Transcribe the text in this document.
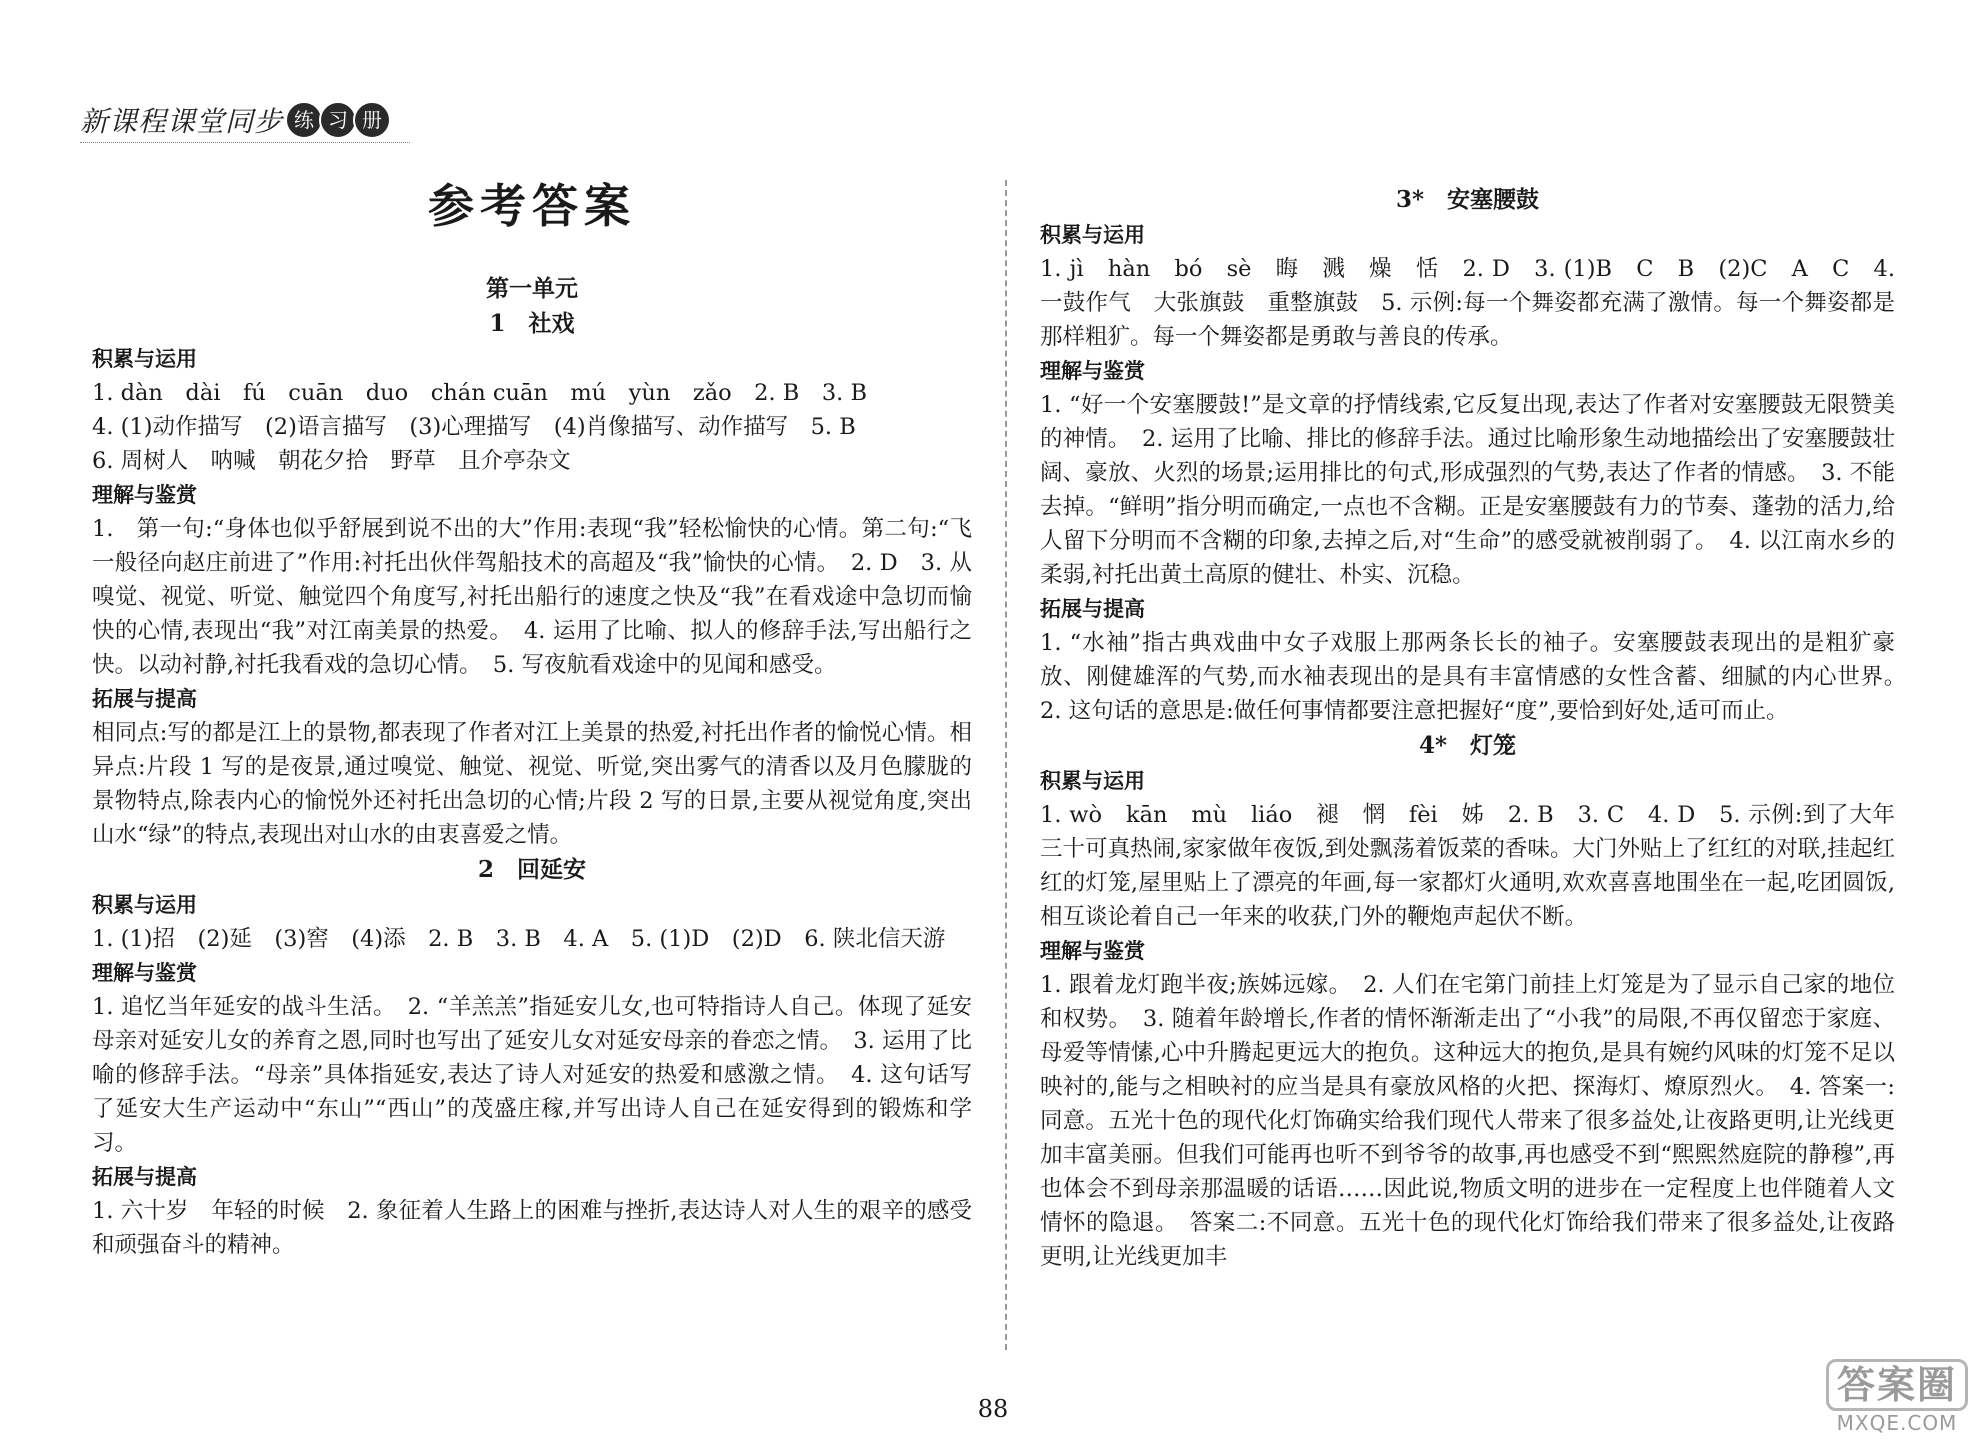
新课程课堂同步 练 习 册
参考答案
第一单元
1　社戏
积累与运用

1. dàn　dài　fú　cuān　duo　chán cuān　mú　yùn　zǎo　2. B　3. B

4. (1)动作描写　(2)语言描写　(3)心理描写　(4)肖像描写、动作描写　5. B

6. 周树人　呐喊　朝花夕拾　野草　且介亭杂文

理解与鉴赏

1.　第一句:“身体也似乎舒展到说不出的大”作用:表现“我”轻松愉快的心情。第二句:“飞一般径向赵庄前进了”作用:衬托出伙伴驾船技术的高超及“我”愉快的心情。　2. D　3. 从嗅觉、视觉、听觉、触觉四个角度写,衬托出船行的速度之快及“我”在看戏途中急切而愉快的心情,表现出“我”对江南美景的热爱。　4. 运用了比喻、拟人的修辞手法,写出船行之快。以动衬静,衬托我看戏的急切心情。　5. 写夜航看戏途中的见闻和感受。

拓展与提高

相同点:写的都是江上的景物,都表现了作者对江上美景的热爱,衬托出作者的愉悦心情。相异点:片段 1 写的是夜景,通过嗅觉、触觉、视觉、听觉,突出雾气的清香以及月色朦胧的景物特点,除表内心的愉悦外还衬托出急切的心情;片段 2 写的日景,主要从视觉角度,突出山水“绿”的特点,表现出对山水的由衷喜爱之情。

2　回延安
积累与运用

1. (1)招　(2)延　(3)窖　(4)添　2. B　3. B　4. A　5. (1)D　(2)D　6. 陕北信天游

理解与鉴赏

1. 追忆当年延安的战斗生活。　2. “羊羔羔”指延安儿女,也可特指诗人自己。体现了延安母亲对延安儿女的养育之恩,同时也写出了延安儿女对延安母亲的眷恋之情。　3. 运用了比喻的修辞手法。“母亲”具体指延安,表达了诗人对延安的热爱和感激之情。　4. 这句话写了延安大生产运动中“东山”“西山”的茂盛庄稼,并写出诗人自己在延安得到的锻炼和学习。

拓展与提高

1. 六十岁　年轻的时候　2. 象征着人生路上的困难与挫折,表达诗人对人生的艰辛的感受和顽强奋斗的精神。

3*　安塞腰鼓
积累与运用

1. jì　hàn　bó　sè　晦　溅　燥　恬　2. D　3. (1)B　C　B　(2)C　A　C　4. 一鼓作气　大张旗鼓　重整旗鼓　5. 示例:每一个舞姿都充满了激情。每一个舞姿都是那样粗犷。每一个舞姿都是勇敢与善良的传承。

理解与鉴赏

1. “好一个安塞腰鼓!”是文章的抒情线索,它反复出现,表达了作者对安塞腰鼓无限赞美的神情。　2. 运用了比喻、排比的修辞手法。通过比喻形象生动地描绘出了安塞腰鼓壮阔、豪放、火烈的场景;运用排比的句式,形成强烈的气势,表达了作者的情感。　3. 不能去掉。“鲜明”指分明而确定,一点也不含糊。正是安塞腰鼓有力的节奏、蓬勃的活力,给人留下分明而不含糊的印象,去掉之后,对“生命”的感受就被削弱了。　4. 以江南水乡的柔弱,衬托出黄土高原的健壮、朴实、沉稳。

拓展与提高

1. “水袖”指古典戏曲中女子戏服上那两条长长的袖子。安塞腰鼓表现出的是粗犷豪放、刚健雄浑的气势,而水袖表现出的是具有丰富情感的女性含蓄、细腻的内心世界。　2. 这句话的意思是:做任何事情都要注意把握好“度”,要恰到好处,适可而止。

4*　灯笼
积累与运用

1. wò　kān　mù　liáo　褪　惘　fèi　姊　2. B　3. C　4. D　5. 示例:到了大年三十可真热闹,家家做年夜饭,到处飘荡着饭菜的香味。大门外贴上了红红的对联,挂起红红的灯笼,屋里贴上了漂亮的年画,每一家都灯火通明,欢欢喜喜地围坐在一起,吃团圆饭,相互谈论着自己一年来的收获,门外的鞭炮声起伏不断。

理解与鉴赏

1. 跟着龙灯跑半夜;族姊远嫁。　2. 人们在宅第门前挂上灯笼是为了显示自己家的地位和权势。　3. 随着年龄增长,作者的情怀渐渐走出了“小我”的局限,不再仅留恋于家庭、母爱等情愫,心中升腾起更远大的抱负。这种远大的抱负,是具有婉约风味的灯笼不足以映衬的,能与之相映衬的应当是具有豪放风格的火把、探海灯、燎原烈火。　4. 答案一:同意。五光十色的现代化灯饰确实给我们现代人带来了很多益处,让夜路更明,让光线更加丰富美丽。但我们可能再也听不到爷爷的故事,再也感受不到“煕煕然庭院的静穆”,再也体会不到母亲那温暖的话语……因此说,物质文明的进步在一定程度上也伴随着人文情怀的隐退。　答案二:不同意。五光十色的现代化灯饰给我们带来了很多益处,让夜路更明,让光线更加丰

88
答案圈
MXQE.COM
